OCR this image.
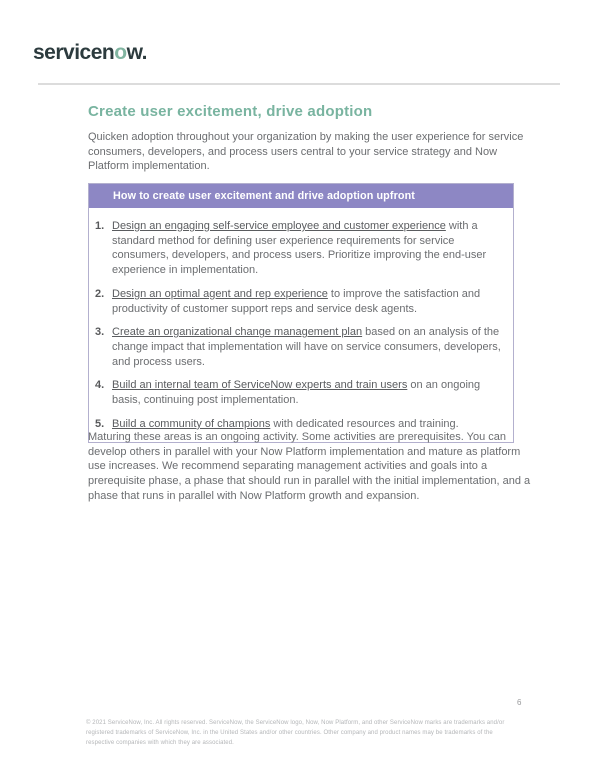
servicenow.
Create user excitement, drive adoption

Quicken adoption throughout your organization by making the user experience for service consumers, developers, and process users central to your service strategy and Now Platform implementation.

How to create user excitement and drive adoption upfront
1. Design an engaging self-service employee and customer experience with a standard method for defining user experience requirements for service consumers, developers, and process users. Prioritize improving the end-user experience in implementation.
2. Design an optimal agent and rep experience to improve the satisfaction and productivity of customer support reps and service desk agents.
3. Create an organizational change management plan based on an analysis of the change impact that implementation will have on service consumers, developers, and process users.
4. Build an internal team of ServiceNow experts and train users on an ongoing basis, continuing post implementation.
5. Build a community of champions with dedicated resources and training.

Maturing these areas is an ongoing activity. Some activities are prerequisites. You can develop others in parallel with your Now Platform implementation and mature as platform use increases. We recommend separating management activities and goals into a prerequisite phase, a phase that should run in parallel with the initial implementation, and a phase that runs in parallel with Now Platform growth and expansion.

6

© 2021 ServiceNow, Inc. All rights reserved. ServiceNow, the ServiceNow logo, Now, Now Platform, and other ServiceNow marks are trademarks and/or registered trademarks of ServiceNow, Inc. in the United States and/or other countries. Other company and product names may be trademarks of the respective companies with which they are associated.
